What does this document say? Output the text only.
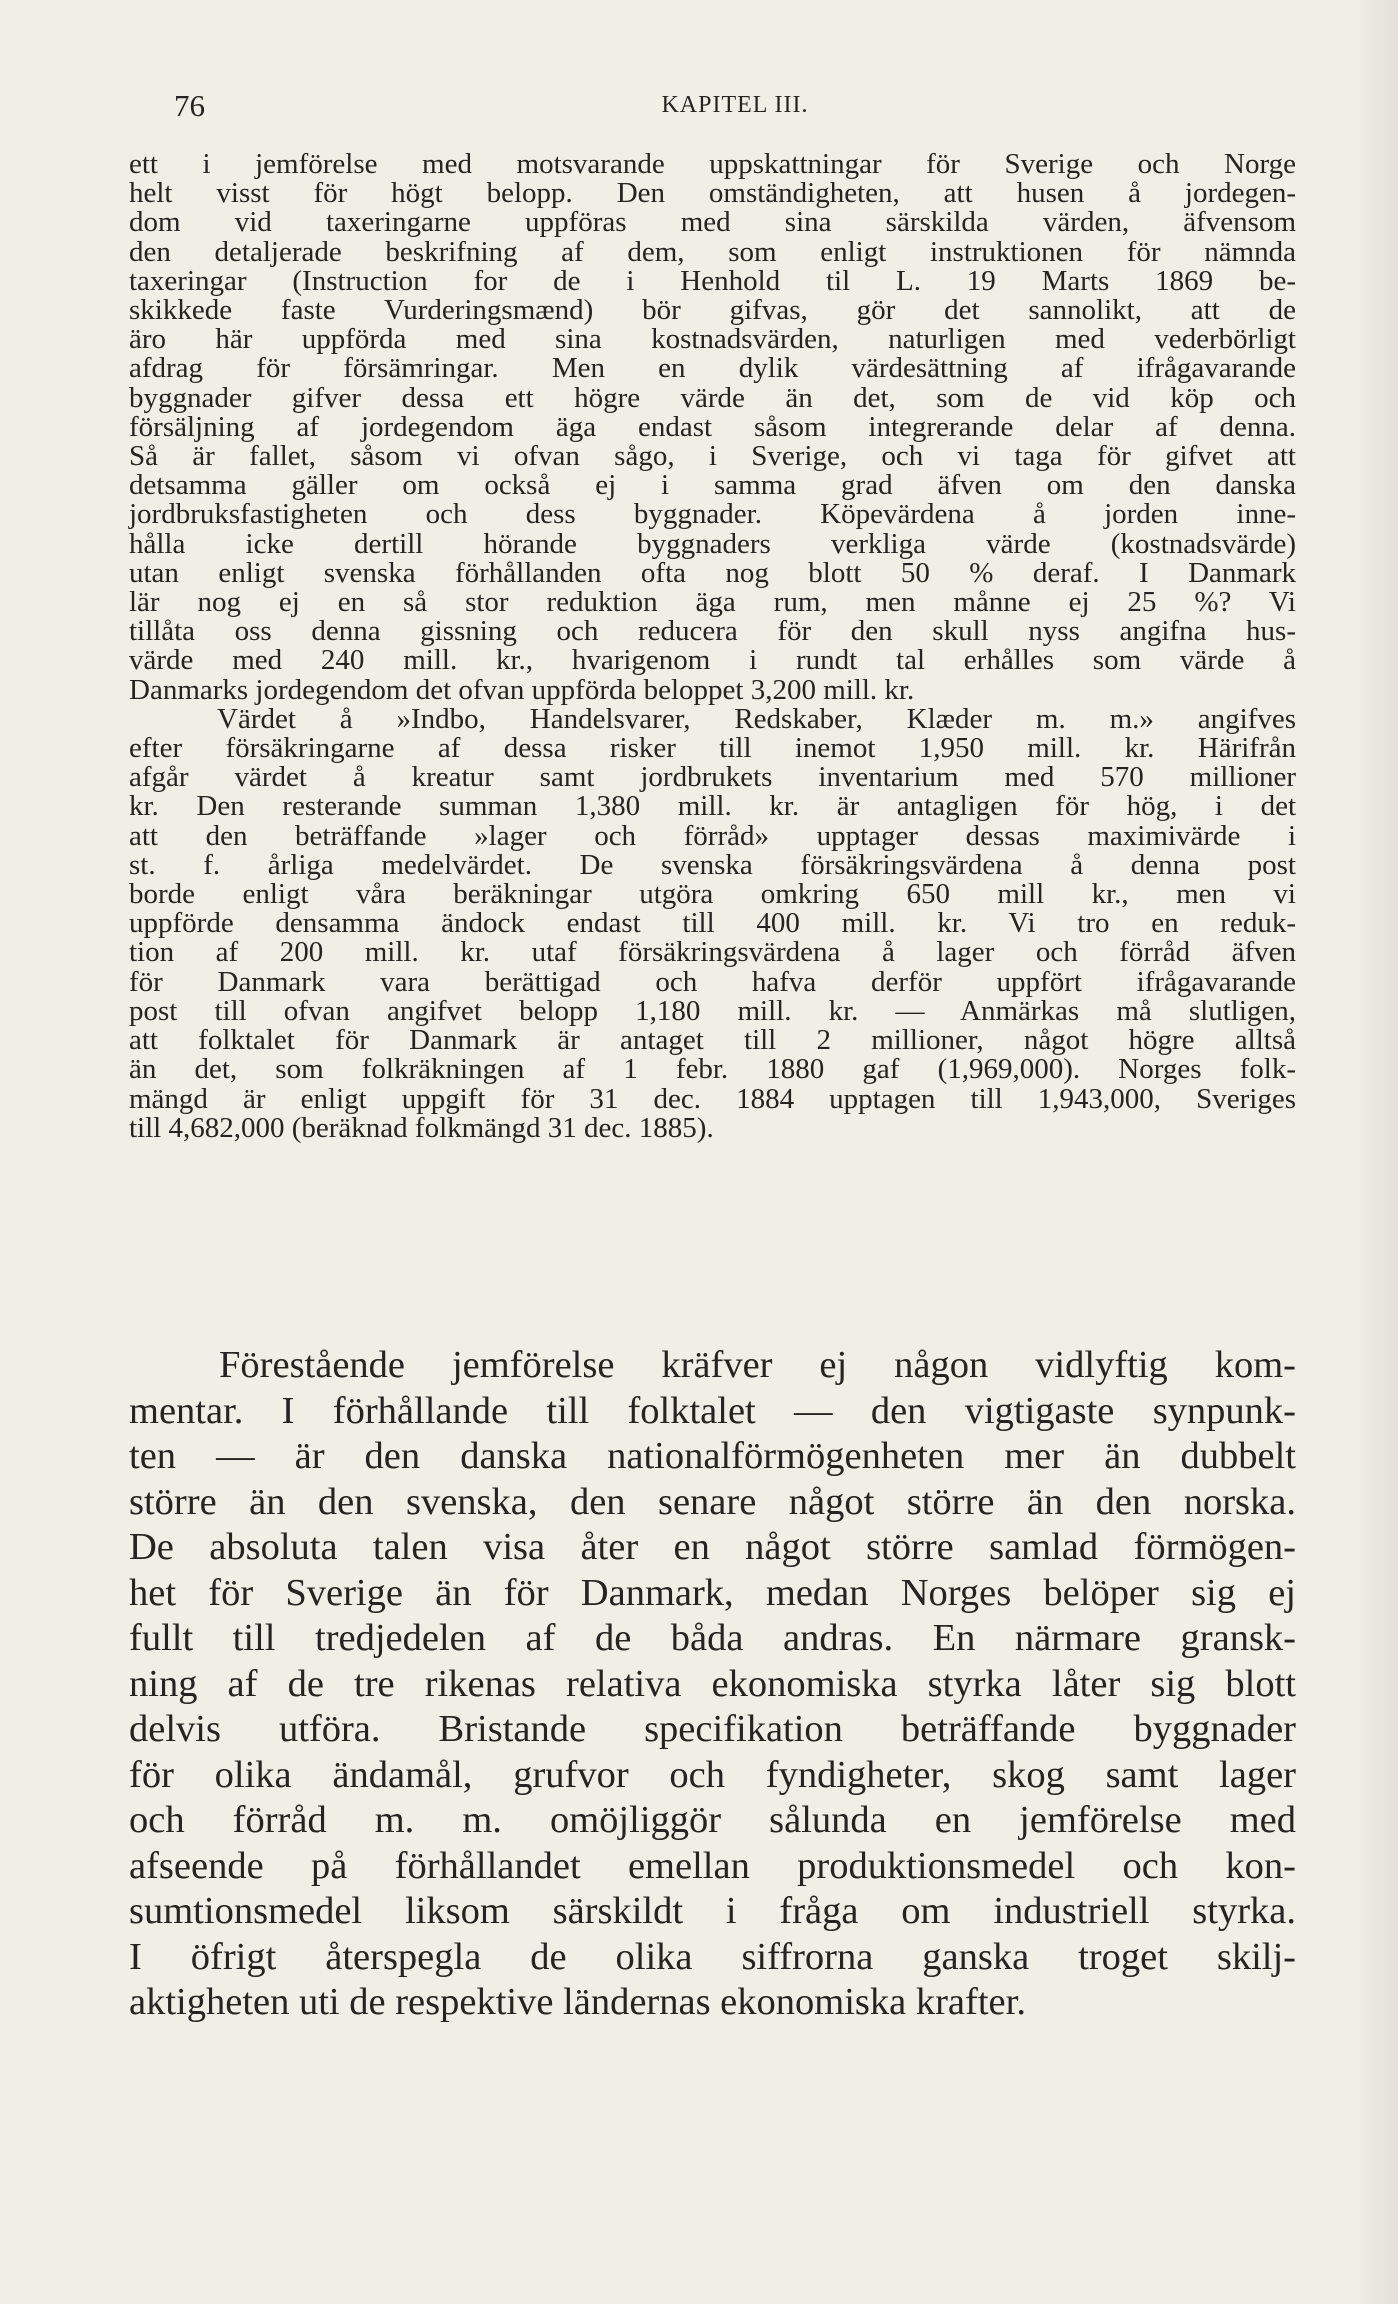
76	KAPITEL III.
ett i jemförelse med motsvarande uppskattningar för Sverige och Norge
helt visst för högt belopp. Den omständigheten, att husen å jordegen-
dom vid taxeringarne uppföras med sina särskilda värden, äfvensom
den detaljerade beskrifning af dem, som enligt instruktionen för nämnda
taxeringar (Instruction for de i Henhold til L. 19 Marts 1869 be-
skikkede faste Vurderingsmænd) bör gifvas, gör det sannolikt, att de
äro här uppförda med sina kostnadsvärden, naturligen med vederbörligt
afdrag för försämringar. Men en dylik värdesättning af ifrågavarande
byggnader gifver dessa ett högre värde än det, som de vid köp och
försäljning af jordegendom äga endast såsom integrerande delar af denna.
Så är fallet, såsom vi ofvan sågo, i Sverige, och vi taga för gifvet att
detsamma gäller om också ej i samma grad äfven om den danska
jordbruksfastigheten och dess byggnader. Köpevärdena å jorden inne-
hålla icke dertill hörande byggnaders verkliga värde (kostnadsvärde)
utan enligt svenska förhållanden ofta nog blott 50 % deraf. I Danmark
lär nog ej en så stor reduktion äga rum, men månne ej 25 %? Vi
tillåta oss denna gissning och reducera för den skull nyss angifna hus-
värde med 240 mill. kr., hvarigenom i rundt tal erhålles som värde å
Danmarks jordegendom det ofvan uppförda beloppet 3,200 mill. kr.
Värdet å »Indbo, Handelsvarer, Redskaber, Klæder m. m.» angifves
efter försäkringarne af dessa risker till inemot 1,950 mill. kr. Härifrån
afgår värdet å kreatur samt jordbrukets inventarium med 570 millioner
kr. Den resterande summan 1,380 mill. kr. är antagligen för hög, i det
att den beträffande »lager och förråd» upptager dessas maximivärde i
st. f. årliga medelvärdet. De svenska försäkringsvärdena å denna post
borde enligt våra beräkningar utgöra omkring 650 mill kr., men vi
uppförde densamma ändock endast till 400 mill. kr. Vi tro en reduk-
tion af 200 mill. kr. utaf försäkringsvärdena å lager och förråd äfven
för Danmark vara berättigad och hafva derför uppfört ifrågavarande
post till ofvan angifvet belopp 1,180 mill. kr. — Anmärkas må slutligen,
att folktalet för Danmark är antaget till 2 millioner, något högre alltså
än det, som folkräkningen af 1 febr. 1880 gaf (1,969,000). Norges folk-
mängd är enligt uppgift för 31 dec. 1884 upptagen till 1,943,000, Sveriges
till 4,682,000 (beräknad folkmängd 31 dec. 1885).
Förestående jemförelse kräfver ej någon vidlyftig kom-
mentar. I förhållande till folktalet — den vigtigaste synpunk-
ten — är den danska nationalförmögenheten mer än dubbelt
större än den svenska, den senare något större än den norska.
De absoluta talen visa åter en något större samlad förmögen-
het för Sverige än för Danmark, medan Norges belöper sig ej
fullt till tredjedelen af de båda andras. En närmare gransk-
ning af de tre rikenas relativa ekonomiska styrka låter sig blott
delvis utföra. Bristande specifikation beträffande byggnader
för olika ändamål, grufvor och fyndigheter, skog samt lager
och förråd m. m. omöjliggör sålunda en jemförelse med
afseende på förhållandet emellan produktionsmedel och kon-
sumtionsmedel liksom särskildt i fråga om industriell styrka.
I öfrigt återspegla de olika siffrorna ganska troget skilj-
aktigheten uti de respektive ländernas ekonomiska krafter.
